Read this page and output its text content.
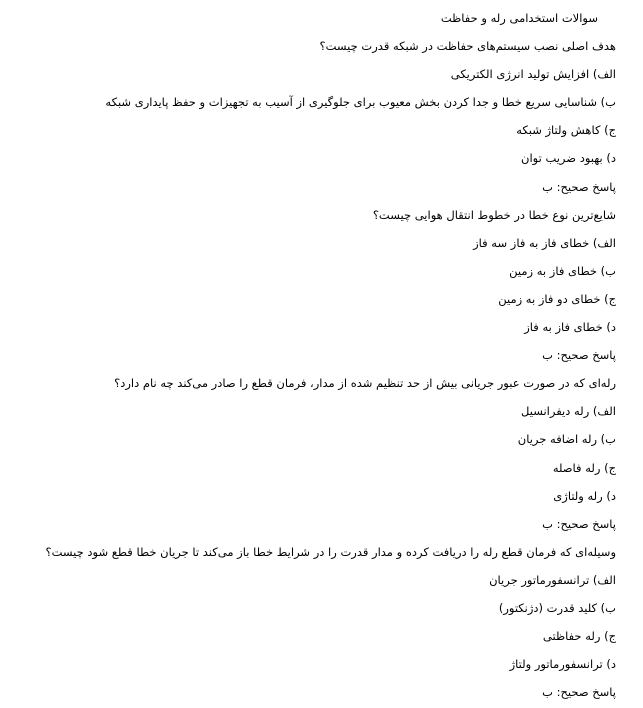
سوالات استخدامی رله و حفاظت
هدف اصلی نصب سیستم‌های حفاظت در شبکه قدرت چیست؟
الف) افزایش تولید انرژی الکتریکی
ب) شناسایی سریع خطا و جدا کردن بخش معیوب برای جلوگیری از آسیب به تجهیزات و حفظ پایداری شبکه
ج) کاهش ولتاژ شبکه
د) بهبود ضریب توان
پاسخ صحیح: ب
شایع‌ترین نوع خطا در خطوط انتقال هوایی چیست؟
الف) خطای فاز به فاز سه فاز
ب) خطای فاز به زمین
ج) خطای دو فاز به زمین
د) خطای فاز به فاز
پاسخ صحیح: ب
رله‌ای که در صورت عبور جریانی بیش از حد تنظیم شده از مدار، فرمان قطع را صادر می‌کند چه نام دارد؟
الف) رله دیفرانسیل
ب) رله اضافه جریان
ج) رله فاصله
د) رله ولتاژی
پاسخ صحیح: ب
وسیله‌ای که فرمان قطع رله را دریافت کرده و مدار قدرت را در شرایط خطا باز می‌کند تا جریان خطا قطع شود چیست؟
الف) ترانسفورماتور جریان
ب) کلید قدرت (دژنکتور)
ج) رله حفاظتی
د) ترانسفورماتور ولتاژ
پاسخ صحیح: ب
